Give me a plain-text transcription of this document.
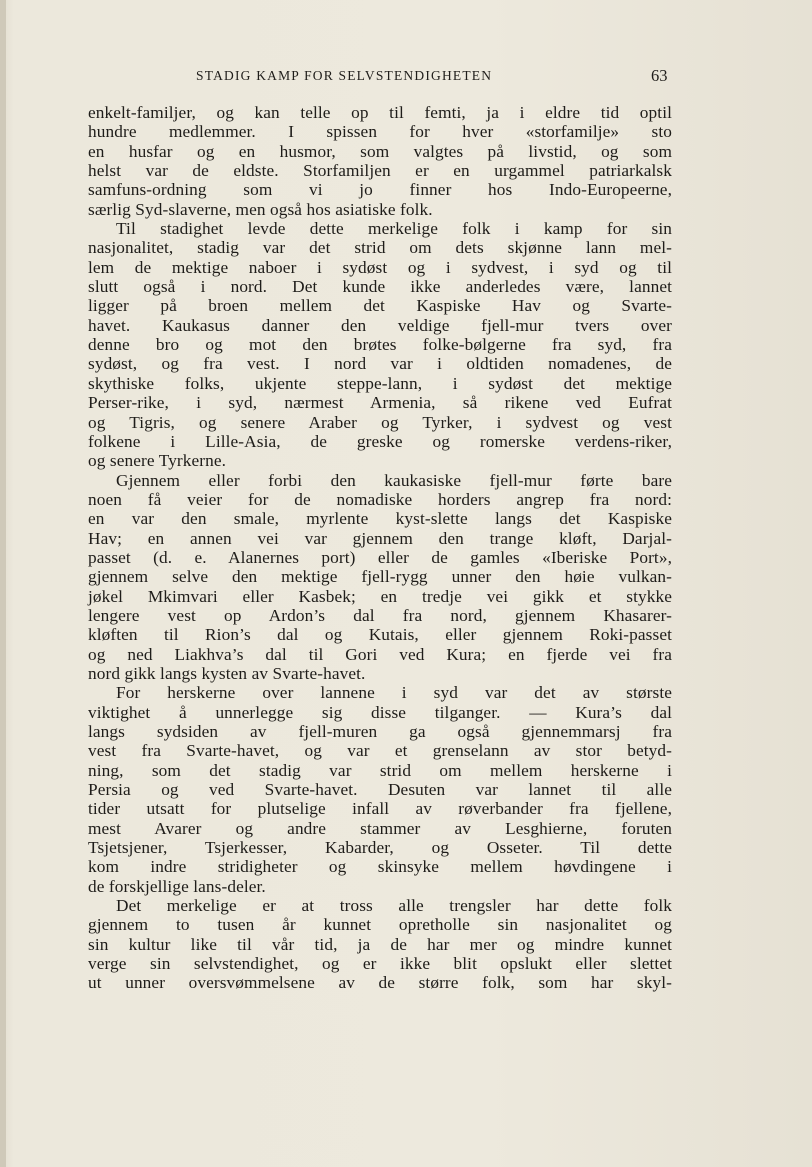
STADIG KAMP FOR SELVSTENDIGHETEN	63
enkelt-familjer, og kan telle op til femti, ja i eldre tid optil
hundre medlemmer. I spissen for hver «storfamilje» sto
en husfar og en husmor, som valgtes på livstid, og som
helst var de eldste. Storfamiljen er en urgammel patriarkalsk
samfuns-ordning som vi jo finner hos Indo-Europeerne,
særlig Syd-slaverne, men også hos asiatiske folk.
Til stadighet levde dette merkelige folk i kamp for sin
nasjonalitet, stadig var det strid om dets skjønne lann mel-
lem de mektige naboer i sydøst og i sydvest, i syd og til
slutt også i nord. Det kunde ikke anderledes være, lannet
ligger på broen mellem det Kaspiske Hav og Svarte-
havet. Kaukasus danner den veldige fjell-mur tvers over
denne bro og mot den brøtes folke-bølgerne fra syd, fra
sydøst, og fra vest. I nord var i oldtiden nomadenes, de
skythiske folks, ukjente steppe-lann, i sydøst det mektige
Perser-rike, i syd, nærmest Armenia, så rikene ved Eufrat
og Tigris, og senere Araber og Tyrker, i sydvest og vest
folkene i Lille-Asia, de greske og romerske verdens-riker,
og senere Tyrkerne.
Gjennem eller forbi den kaukasiske fjell-mur førte bare
noen få veier for de nomadiske horders angrep fra nord:
en var den smale, myrlente kyst-slette langs det Kaspiske
Hav; en annen vei var gjennem den trange kløft, Darjal-
passet (d. e. Alanernes port) eller de gamles «Iberiske Port»,
gjennem selve den mektige fjell-rygg unner den høie vulkan-
jøkel Mkimvari eller Kasbek; en tredje vei gikk et stykke
lengere vest op Ardon’s dal fra nord, gjennem Khasarer-
kløften til Rion’s dal og Kutais, eller gjennem Roki-passet
og ned Liakhva’s dal til Gori ved Kura; en fjerde vei fra
nord gikk langs kysten av Svarte-havet.
For herskerne over lannene i syd var det av største
viktighet å unnerlegge sig disse tilganger. — Kura’s dal
langs sydsiden av fjell-muren ga også gjennemmarsj fra
vest fra Svarte-havet, og var et grenselann av stor betyd-
ning, som det stadig var strid om mellem herskerne i
Persia og ved Svarte-havet. Desuten var lannet til alle
tider utsatt for plutselige infall av røverbander fra fjellene,
mest Avarer og andre stammer av Lesghierne, foruten
Tsjetsjener, Tsjerkesser, Kabarder, og Osseter. Til dette
kom indre stridigheter og skinsyke mellem høvdingene i
de forskjellige lans-deler.
Det merkelige er at tross alle trengsler har dette folk
gjennem to tusen år kunnet opretholle sin nasjonalitet og
sin kultur like til vår tid, ja de har mer og mindre kunnet
verge sin selvstendighet, og er ikke blit opslukt eller slettet
ut unner oversvømmelsene av de større folk, som har skyl-
